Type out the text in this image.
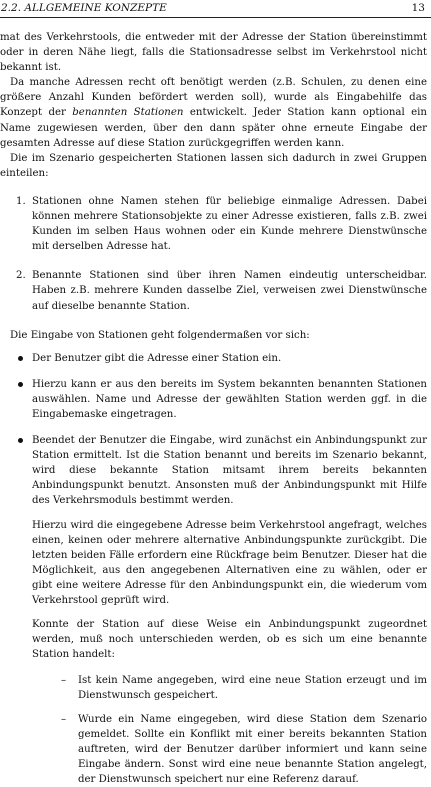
2.2. ALLGEMEINE KONZEPTE	13

mat des Verkehrstools, die entweder mit der Adresse der Station übereinstimmt oder in deren Nähe liegt, falls die Stationsadresse selbst im Verkehrstool nicht bekannt ist.

Da manche Adressen recht oft benötigt werden (z.B. Schulen, zu denen eine größere Anzahl Kunden befördert werden soll), wurde als Eingabehilfe das Konzept der benannten Stationen entwickelt. Jeder Station kann optional ein Name zugewiesen werden, über den dann später ohne erneute Eingabe der gesamten Adresse auf diese Station zurückgegriffen werden kann.

Die im Szenario gespeicherten Stationen lassen sich dadurch in zwei Gruppen einteilen:

1. Stationen ohne Namen stehen für beliebige einmalige Adressen. Dabei können mehrere Stationsobjekte zu einer Adresse existieren, falls z.B. zwei Kunden im selben Haus wohnen oder ein Kunde mehrere Dienstwünsche mit derselben Adresse hat.

2. Benannte Stationen sind über ihren Namen eindeutig unterscheidbar. Haben z.B. mehrere Kunden dasselbe Ziel, verweisen zwei Dienstwünsche auf dieselbe benannte Station.

Die Eingabe von Stationen geht folgendermaßen vor sich:

Der Benutzer gibt die Adresse einer Station ein.

Hierzu kann er aus den bereits im System bekannten benannten Stationen auswählen. Name und Adresse der gewählten Station werden ggf. in die Eingabemaske eingetragen.

Beendet der Benutzer die Eingabe, wird zunächst ein Anbindungspunkt zur Station ermittelt. Ist die Station benannt und bereits im Szenario bekannt, wird diese bekannte Station mitsamt ihrem bereits bekannten Anbindungspunkt benutzt. Ansonsten muß der Anbindungspunkt mit Hilfe des Verkehrsmoduls bestimmt werden.

Hierzu wird die eingegebene Adresse beim Verkehrstool angefragt, welches einen, keinen oder mehrere alternative Anbindungspunkte zurückgibt. Die letzten beiden Fälle erfordern eine Rückfrage beim Benutzer. Dieser hat die Möglichkeit, aus den angegebenen Alternativen eine zu wählen, oder er gibt eine weitere Adresse für den Anbindungspunkt ein, die wiederum vom Verkehrstool geprüft wird.

Konnte der Station auf diese Weise ein Anbindungspunkt zugeordnet werden, muß noch unterschieden werden, ob es sich um eine benannte Station handelt:

– Ist kein Name angegeben, wird eine neue Station erzeugt und im Dienstwunsch gespeichert.

– Wurde ein Name eingegeben, wird diese Station dem Szenario gemeldet. Sollte ein Konflikt mit einer bereits bekannten Station auftreten, wird der Benutzer darüber informiert und kann seine Eingabe ändern. Sonst wird eine neue benannte Station angelegt, der Dienstwunsch speichert nur eine Referenz darauf.
